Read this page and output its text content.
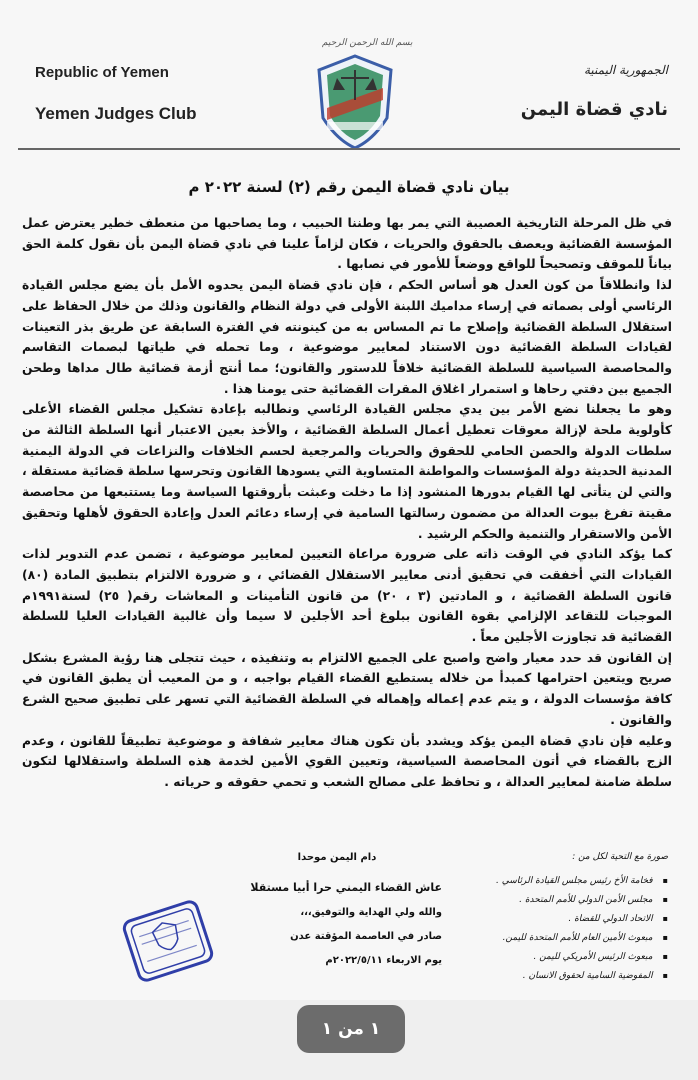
Republic of Yemen
Yemen Judges Club
بسم الله الرحمن الرحيم
الجمهورية اليمنية
نادي قضاة اليمن
بيان نادي قضاة اليمن رقم (٢) لسنة ٢٠٢٢ م

في ظل المرحلة التاريخية العصيبة التي يمر بها وطننا الحبيب ، وما يصاحبها من منعطف خطير يعترض عمل المؤسسة القضائية ويعصف بالحقوق والحريات ، فكان لزاماً علينا في نادي قضاة اليمن بأن نقول كلمة الحق بياناً للموقف وتصحيحاً للواقع ووضعاً للأمور في نصابها .

لذا وانطلاقاً من كون العدل هو أساس الحكم ، فإن نادي قضاة اليمن يحدوه الأمل بأن يضع مجلس القيادة الرئاسي أولى بصماته في إرساء مداميك اللبنة الأولى في دولة النظام والقانون وذلك من خلال الحفاظ على استقلال السلطة القضائية وإصلاح ما تم المساس به من كينونته في الفترة السابقة عن طريق بذر التعينات لقيادات السلطة القضائية دون الاستناد لمعايير موضوعية ، وما تحمله في طياتها لبصمات التقاسم والمحاصصة السياسية للسلطة القضائية خلافاً للدستور والقانون؛ مما أنتج أزمة قضائية طال مداها وطحن الجميع بين دفتي رحاها و استمرار اغلاق المقرات القضائية حتى يومنا هذا .

وهو ما يجعلنا نضع الأمر بين يدي مجلس القيادة الرئاسي ونطالبه بإعادة تشكيل مجلس القضاء الأعلى كأولوية ملحة لإزالة معوقات تعطيل أعمال السلطة القضائية ، والأخذ بعين الاعتبار أنها السلطة الثالثة من سلطات الدولة والحصن الحامي للحقوق والحريات والمرجعية لحسم الخلافات والنزاعات في الدولة اليمنية المدنية الحديثة دولة المؤسسات والمواطنة المتساوية التي يسودها القانون وتحرسها سلطة قضائية مستقلة ، والتي لن يتأتى لها القيام بدورها المنشود إذا ما دخلت وعبثت بأروقتها السياسة وما يستتبعها من محاصصة مقيتة تفرغ بيوت العدالة من مضمون رسالتها السامية في إرساء دعائم العدل وإعادة الحقوق لأهلها وتحقيق الأمن والاستقرار والتنمية والحكم الرشيد .

كما يؤكد النادي في الوقت ذاته على ضرورة مراعاة التعيين لمعايير موضوعية ، تضمن عدم التدوير لذات القيادات التي أخفقت في تحقيق أدنى معايير الاستقلال القضائي ، و ضرورة الالتزام بتطبيق المادة (٨٠) قانون السلطة القضائية ، و المادتين (٣ ، ٢٠) من قانون التأمينات و المعاشات رقم( ٢٥) لسنة١٩٩١م الموجبات للتقاعد الإلزامي بقوة القانون ببلوغ أحد الأجلين لا سيما وأن غالبية القيادات العليا للسلطة القضائية قد تجاوزت الأجلين معاً .

إن القانون قد حدد معيار واضح واصبح على الجميع الالتزام به وتنفيذه ، حيث تتجلى هنا رؤية المشرع بشكل صريح ويتعين احترامها كمبدأ من خلاله يستطيع القضاء القيام بواجبه ، و من المعيب أن يطبق القانون في كافة مؤسسات الدولة ، و يتم عدم إعماله وإهماله في السلطة القضائية التي تسهر على تطبيق صحيح الشرع والقانون .

وعليه فإن نادي قضاة اليمن يؤكد ويشدد بأن تكون هناك معايير شفافة و موضوعية تطبيقاً للقانون ، وعدم الزج بالقضاء في أتون المحاصصة السياسية، وتعيين القوي الأمين لخدمة هذه السلطة واستقلالها لتكون سلطة ضامنة لمعايير العدالة ، و تحافظ على مصالح الشعب و تحمي حقوقه و حرياته .

دام اليمن موحدا
عاش القضاء اليمني حرا أبيا مستقلا
والله ولي الهداية والتوفيق،،،
صادر في العاصمة المؤقتة عدن
يوم الاربعاء ٢٠٢٢/٥/١١م
صورة مع التحية لكل من :
▪ فخامة الأخ رئيس مجلس القيادة الرئاسي .
▪ مجلس الأمن الدولي للأمم المتحدة .
▪ الاتحاد الدولي للقضاة .
▪ مبعوث الأمين العام للأمم المتحدة لليمن.
▪ مبعوث الرئيس الأمريكي لليمن .
▪ المفوضية السامية لحقوق الانسان .
١ من ١
